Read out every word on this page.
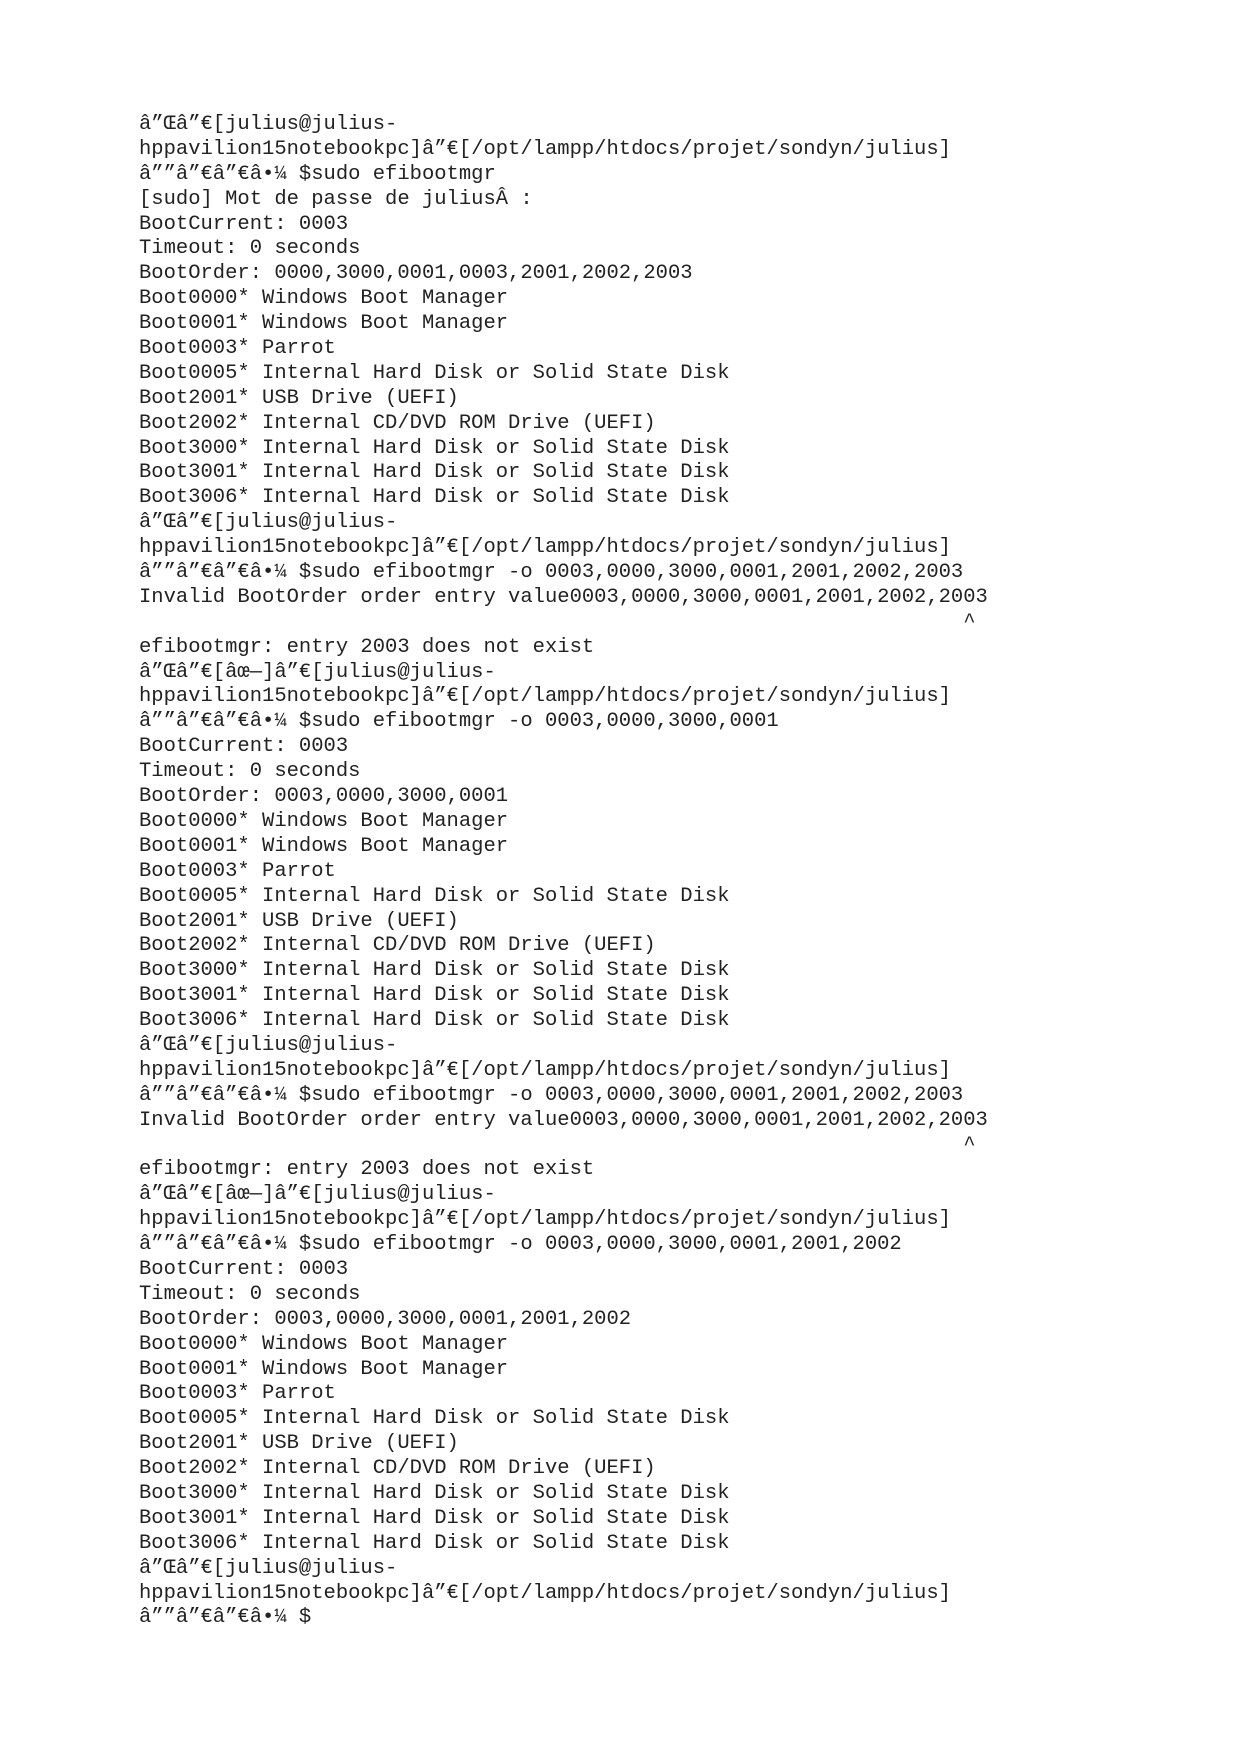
â”Œâ”€[julius@julius-
hppavilion15notebookpc]â”€[/opt/lampp/htdocs/projet/sondyn/julius]
â””â”€â”€â•¼ $sudo efibootmgr
[sudo] Mot de passe de juliusÂ :
BootCurrent: 0003
Timeout: 0 seconds
BootOrder: 0000,3000,0001,0003,2001,2002,2003
Boot0000* Windows Boot Manager
Boot0001* Windows Boot Manager
Boot0003* Parrot
Boot0005* Internal Hard Disk or Solid State Disk
Boot2001* USB Drive (UEFI)
Boot2002* Internal CD/DVD ROM Drive (UEFI)
Boot3000* Internal Hard Disk or Solid State Disk
Boot3001* Internal Hard Disk or Solid State Disk
Boot3006* Internal Hard Disk or Solid State Disk
â”Œâ”€[julius@julius-
hppavilion15notebookpc]â”€[/opt/lampp/htdocs/projet/sondyn/julius]
â””â”€â”€â•¼ $sudo efibootmgr -o 0003,0000,3000,0001,2001,2002,2003
Invalid BootOrder order entry value0003,0000,3000,0001,2001,2002,2003
^
efibootmgr: entry 2003 does not exist
â”Œâ”€[âœ—]â”€[julius@julius-
hppavilion15notebookpc]â”€[/opt/lampp/htdocs/projet/sondyn/julius]
â””â”€â”€â•¼ $sudo efibootmgr -o 0003,0000,3000,0001
BootCurrent: 0003
Timeout: 0 seconds
BootOrder: 0003,0000,3000,0001
Boot0000* Windows Boot Manager
Boot0001* Windows Boot Manager
Boot0003* Parrot
Boot0005* Internal Hard Disk or Solid State Disk
Boot2001* USB Drive (UEFI)
Boot2002* Internal CD/DVD ROM Drive (UEFI)
Boot3000* Internal Hard Disk or Solid State Disk
Boot3001* Internal Hard Disk or Solid State Disk
Boot3006* Internal Hard Disk or Solid State Disk
â”Œâ”€[julius@julius-
hppavilion15notebookpc]â”€[/opt/lampp/htdocs/projet/sondyn/julius]
â””â”€â”€â•¼ $sudo efibootmgr -o 0003,0000,3000,0001,2001,2002,2003
Invalid BootOrder order entry value0003,0000,3000,0001,2001,2002,2003
^
efibootmgr: entry 2003 does not exist
â”Œâ”€[âœ—]â”€[julius@julius-
hppavilion15notebookpc]â”€[/opt/lampp/htdocs/projet/sondyn/julius]
â””â”€â”€â•¼ $sudo efibootmgr -o 0003,0000,3000,0001,2001,2002
BootCurrent: 0003
Timeout: 0 seconds
BootOrder: 0003,0000,3000,0001,2001,2002
Boot0000* Windows Boot Manager
Boot0001* Windows Boot Manager
Boot0003* Parrot
Boot0005* Internal Hard Disk or Solid State Disk
Boot2001* USB Drive (UEFI)
Boot2002* Internal CD/DVD ROM Drive (UEFI)
Boot3000* Internal Hard Disk or Solid State Disk
Boot3001* Internal Hard Disk or Solid State Disk
Boot3006* Internal Hard Disk or Solid State Disk
â”Œâ”€[julius@julius-
hppavilion15notebookpc]â”€[/opt/lampp/htdocs/projet/sondyn/julius]
â””â”€â”€â•¼ $
